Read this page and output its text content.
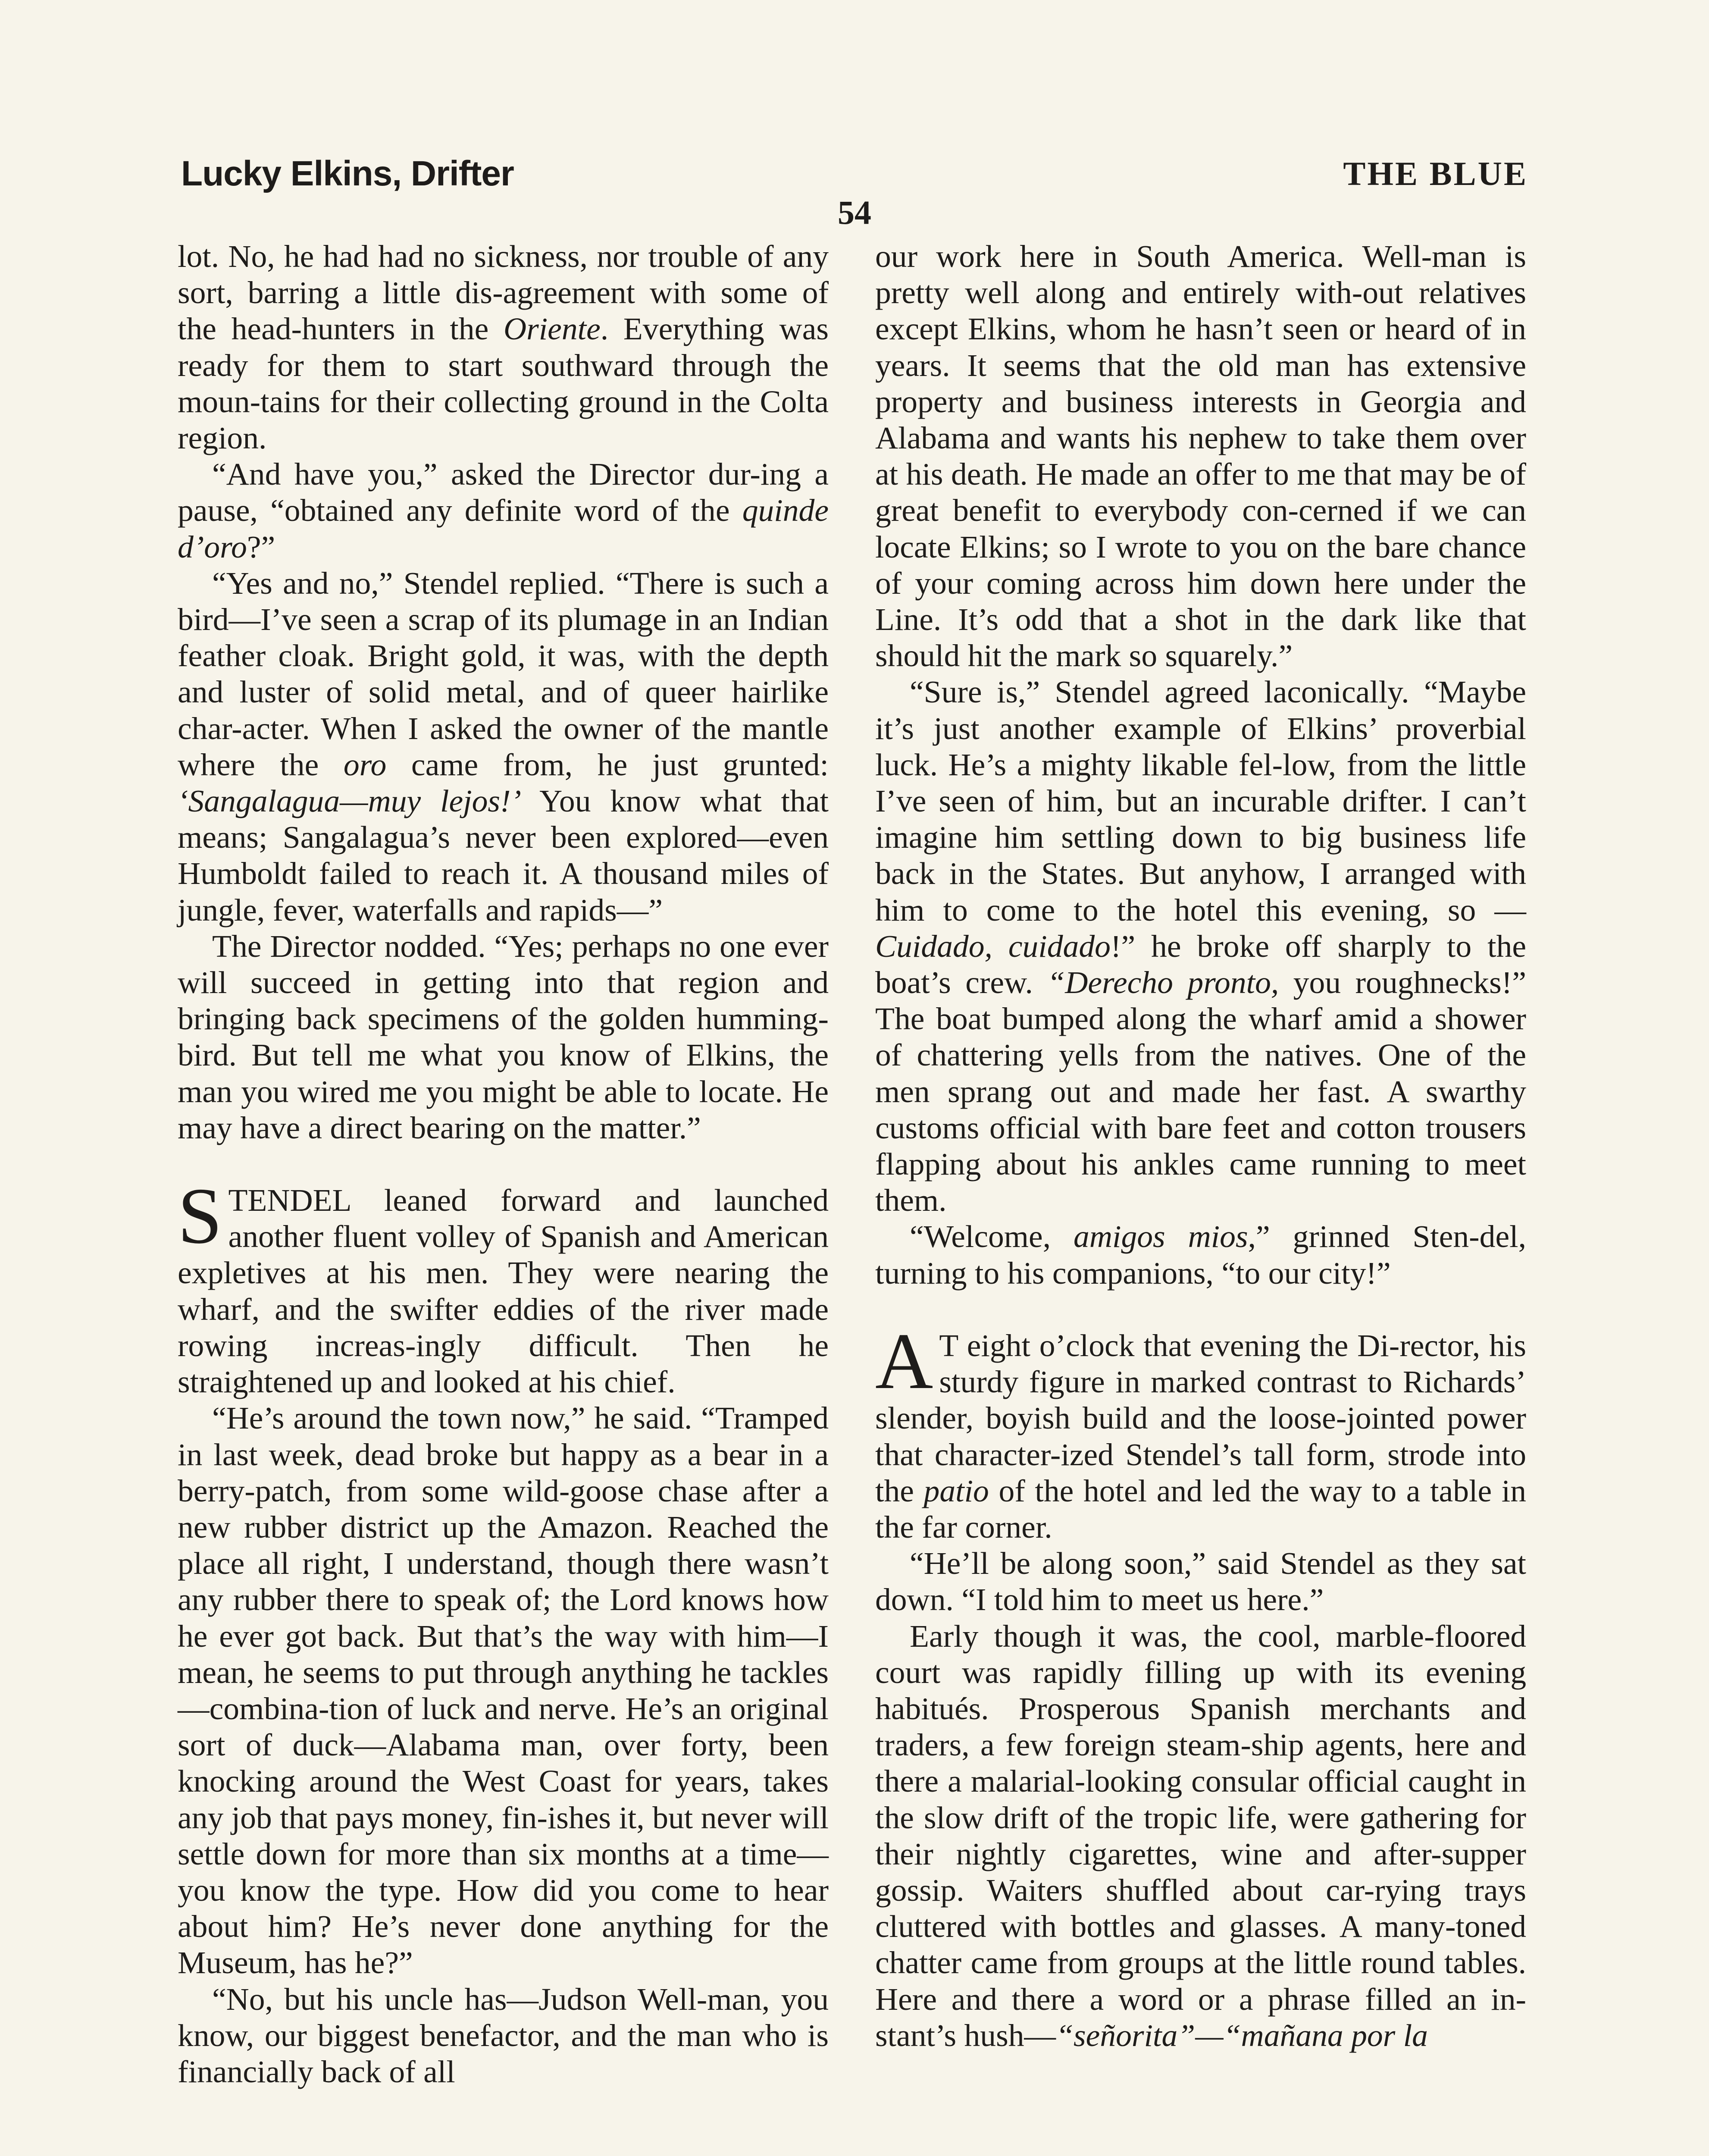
Lucky Elkins, Drifter	THE BLUE
54

lot. No, he had had no sickness, nor trouble of any sort, barring a little dis-agreement with some of the head-hunters in the Oriente. Everything was ready for them to start southward through the moun-tains for their collecting ground in the Colta region.

“And have you,” asked the Director dur-ing a pause, “obtained any definite word of the quinde d’oro?”

“Yes and no,” Stendel replied. “There is such a bird—I’ve seen a scrap of its plumage in an Indian feather cloak. Bright gold, it was, with the depth and luster of solid metal, and of queer hairlike char-acter. When I asked the owner of the mantle where the oro came from, he just grunted: ‘Sangalagua—muy lejos!’ You know what that means; Sangalagua’s never been explored—even Humboldt failed to reach it. A thousand miles of jungle, fever, waterfalls and rapids—”

The Director nodded. “Yes; perhaps no one ever will succeed in getting into that region and bringing back specimens of the golden humming-bird. But tell me what you know of Elkins, the man you wired me you might be able to locate. He may have a direct bearing on the matter.”

STENDEL leaned forward and launched another fluent volley of Spanish and American expletives at his men. They were nearing the wharf, and the swifter eddies of the river made rowing increas-ingly difficult. Then he straightened up and looked at his chief.

“He’s around the town now,” he said. “Tramped in last week, dead broke but happy as a bear in a berry-patch, from some wild-goose chase after a new rubber district up the Amazon. Reached the place all right, I understand, though there wasn’t any rubber there to speak of; the Lord knows how he ever got back. But that’s the way with him—I mean, he seems to put through anything he tackles—combina-tion of luck and nerve. He’s an original sort of duck—Alabama man, over forty, been knocking around the West Coast for years, takes any job that pays money, fin-ishes it, but never will settle down for more than six months at a time—you know the type. How did you come to hear about him? He’s never done anything for the Museum, has he?”

“No, but his uncle has—Judson Well-man, you know, our biggest benefactor, and the man who is financially back of all

our work here in South America. Well-man is pretty well along and entirely with-out relatives except Elkins, whom he hasn’t seen or heard of in years. It seems that the old man has extensive property and business interests in Georgia and Alabama and wants his nephew to take them over at his death. He made an offer to me that may be of great benefit to everybody con-cerned if we can locate Elkins; so I wrote to you on the bare chance of your coming across him down here under the Line. It’s odd that a shot in the dark like that should hit the mark so squarely.”

“Sure is,” Stendel agreed laconically. “Maybe it’s just another example of Elkins’ proverbial luck. He’s a mighty likable fel-low, from the little I’ve seen of him, but an incurable drifter. I can’t imagine him settling down to big business life back in the States. But anyhow, I arranged with him to come to the hotel this evening, so —Cuidado, cuidado!” he broke off sharply to the boat’s crew. “Derecho pronto, you roughnecks!” The boat bumped along the wharf amid a shower of chattering yells from the natives. One of the men sprang out and made her fast. A swarthy customs official with bare feet and cotton trousers flapping about his ankles came running to meet them.

“Welcome, amigos mios,” grinned Sten-del, turning to his companions, “to our city!”

A T eight o’clock that evening the Di-rector, his sturdy figure in marked contrast to Richards’ slender, boyish build and the loose-jointed power that character-ized Stendel’s tall form, strode into the patio of the hotel and led the way to a table in the far corner.

“He’ll be along soon,” said Stendel as they sat down. “I told him to meet us here.”

Early though it was, the cool, marble-floored court was rapidly filling up with its evening habitués. Prosperous Spanish merchants and traders, a few foreign steam-ship agents, here and there a malarial-looking consular official caught in the slow drift of the tropic life, were gathering for their nightly cigarettes, wine and after-supper gossip. Waiters shuffled about car-rying trays cluttered with bottles and glasses. A many-toned chatter came from groups at the little round tables. Here and there a word or a phrase filled an in-stant’s hush—“señorita”—“mañana por la
